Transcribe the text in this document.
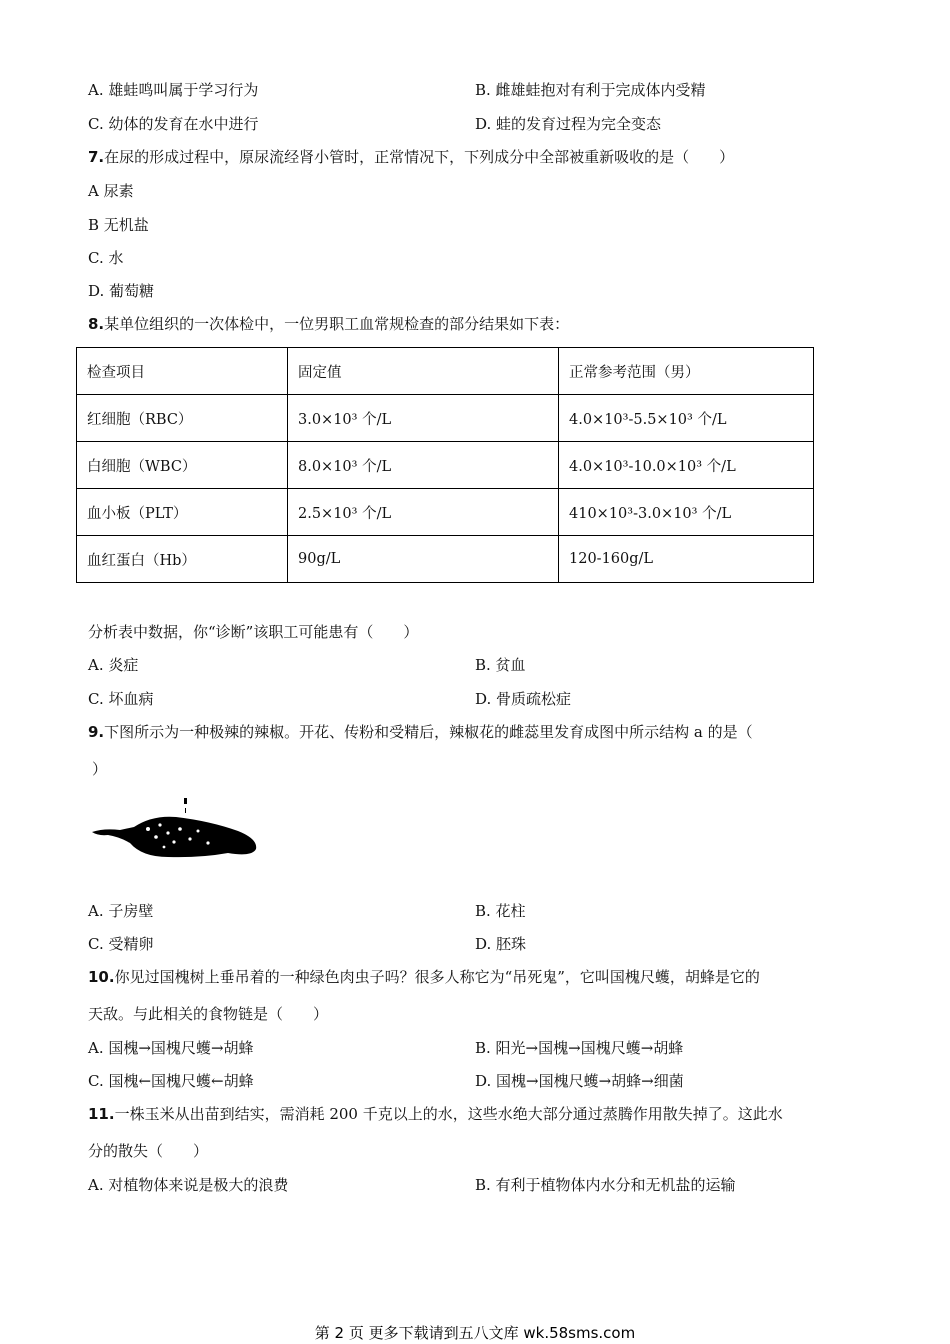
A. 雄蛙鸣叫属于学习行为	B. 雌雄蛙抱对有利于完成体内受精
C. 幼体的发育在水中进行	D. 蛙的发育过程为完全变态
7.在尿的形成过程中，原尿流经肾小管时，正常情况下，下列成分中全部被重新吸收的是（　　）
A 尿素
B 无机盐
C. 水
D. 葡萄糖
8.某单位组织的一次体检中，一位男职工血常规检查的部分结果如下表：
检查项目	固定值	正常参考范围（男）
红细胞（RBC）	3.0×10³ 个/L	4.0×10³-5.5×10³ 个/L
白细胞（WBC）	8.0×10³ 个/L	4.0×10³-10.0×10³ 个/L
血小板（PLT）	2.5×10³ 个/L	410×10³-3.0×10³ 个/L
血红蛋白（Hb）	90g/L	120-160g/L
分析表中数据，你“诊断”该职工可能患有（　　）
A. 炎症	B. 贫血
C. 坏血病	D. 骨质疏松症
9.下图所示为一种极辣的辣椒。开花、传粉和受精后，辣椒花的雌蕊里发育成图中所示结构 a 的是（
）
A. 子房壁	B. 花柱
C. 受精卵	D. 胚珠
10.你见过国槐树上垂吊着的一种绿色肉虫子吗？很多人称它为“吊死鬼”，它叫国槐尺蠖，胡蜂是它的
天敌。与此相关的食物链是（　　）
A. 国槐→国槐尺蠖→胡蜂	B. 阳光→国槐→国槐尺蠖→胡蜂
C. 国槐←国槐尺蠖←胡蜂	D. 国槐→国槐尺蠖→胡蜂→细菌
11.一株玉米从出苗到结实，需消耗 200 千克以上的水，这些水绝大部分通过蒸腾作用散失掉了。这此水
分的散失（　　）
A. 对植物体来说是极大的浪费	B. 有利于植物体内水分和无机盐的运输
第 2 页 更多下载请到五八文库 wk.58sms.com
